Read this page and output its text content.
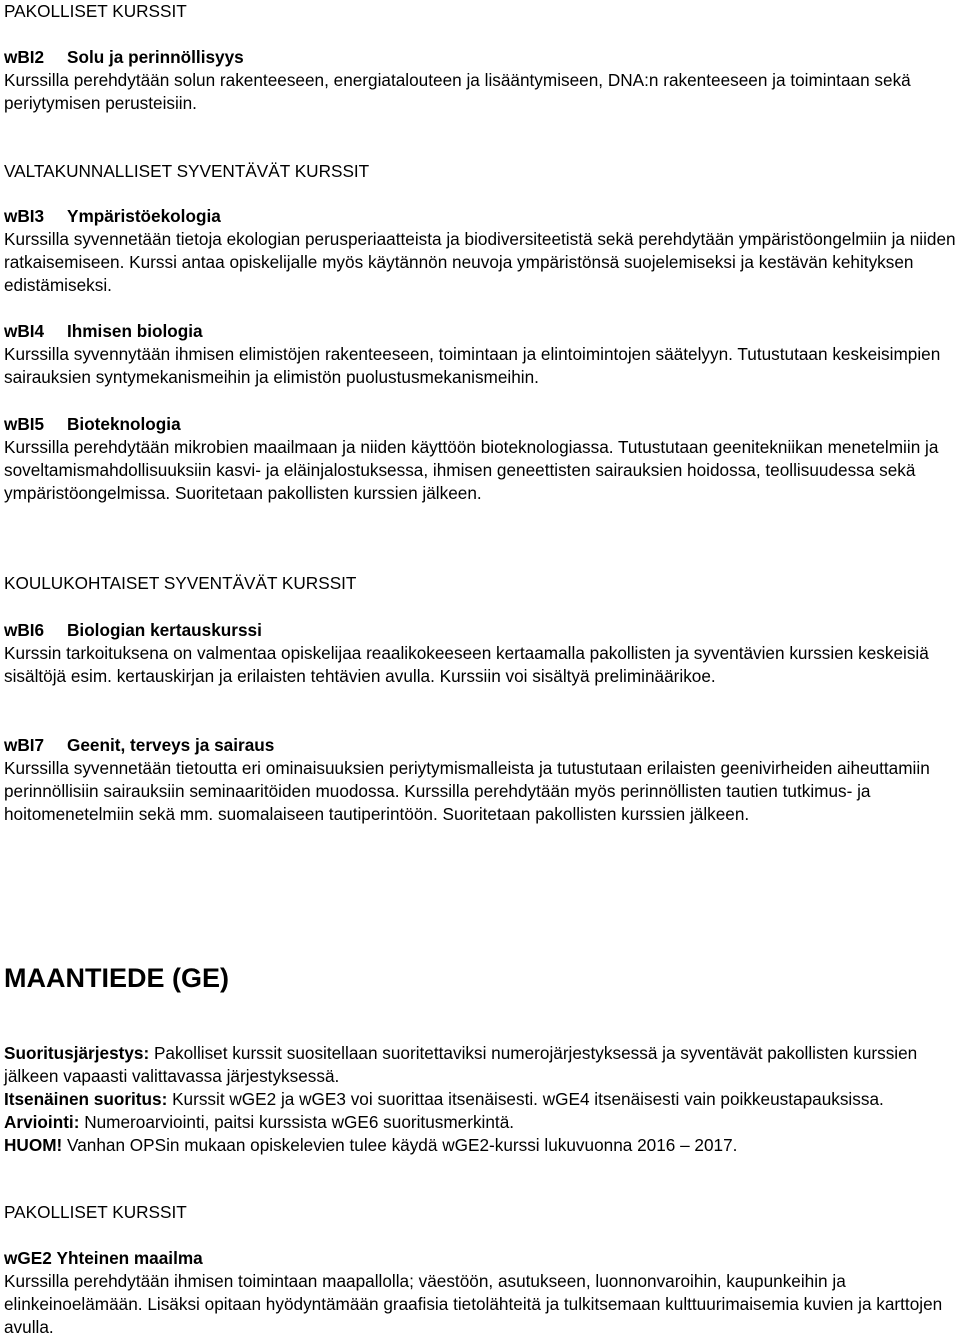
PAKOLLISET KURSSIT
wBI2 Solu ja perinnöllisyys

Kurssilla perehdytään solun rakenteeseen, energiatalouteen ja lisääntymiseen, DNA:n rakenteeseen ja toimintaan sekä periytymisen perusteisiin.

VALTAKUNNALLISET SYVENTÄVÄT KURSSIT
wBI3 Ympäristöekologia

Kurssilla syvennetään tietoja ekologian perusperiaatteista ja biodiversiteetistä sekä perehdytään ympäristöongelmiin ja niiden ratkaisemiseen. Kurssi antaa opiskelijalle myös käytännön neuvoja ympäristönsä suojelemiseksi ja kestävän kehityksen edistämiseksi.

wBI4 Ihmisen biologia

Kurssilla syvennytään ihmisen elimistöjen rakenteeseen, toimintaan ja elintoimintojen säätelyyn. Tutustutaan keskeisimpien sairauksien syntymekanismeihin ja elimistön puolustusmekanismeihin.

wBI5 Bioteknologia

Kurssilla perehdytään mikrobien maailmaan ja niiden käyttöön bioteknologiassa. Tutustutaan geenitekniikan menetelmiin ja soveltamismahdollisuuksiin kasvi- ja eläinjalostuksessa, ihmisen geneettisten sairauksien hoidossa, teollisuudessa sekä ympäristöongelmissa. Suoritetaan pakollisten kurssien jälkeen.

KOULUKOHTAISET SYVENTÄVÄT KURSSIT
wBI6 Biologian kertauskurssi

Kurssin tarkoituksena on valmentaa opiskelijaa reaalikokeeseen kertaamalla pakollisten ja syventävien kurssien keskeisiä sisältöjä esim. kertauskirjan ja erilaisten tehtävien avulla. Kurssiin voi sisältyä preliminäärikoe.

wBI7 Geenit, terveys ja sairaus

Kurssilla syvennetään tietoutta eri ominaisuuksien periytymismalleista ja tutustutaan erilaisten geenivirheiden aiheuttamiin perinnöllisiin sairauksiin seminaaritöiden muodossa. Kurssilla perehdytään myös perinnöllisten tautien tutkimus- ja hoitomenetelmiin sekä mm. suomalaiseen tautiperintöön. Suoritetaan pakollisten kurssien jälkeen.

MAANTIEDE (GE)

Suoritusjärjestys: Pakolliset kurssit suositellaan suoritettaviksi numerojärjestyksessä ja syventävät pakollisten kurssien jälkeen vapaasti valittavassa järjestyksessä.

Itsenäinen suoritus: Kurssit wGE2 ja wGE3 voi suorittaa itsenäisesti. wGE4 itsenäisesti vain poikkeustapauksissa.

Arviointi: Numeroarviointi, paitsi kurssista wGE6 suoritusmerkintä.

HUOM! Vanhan OPSin mukaan opiskelevien tulee käydä wGE2-kurssi lukuvuonna 2016 – 2017.

PAKOLLISET KURSSIT
wGE2 Yhteinen maailma

Kurssilla perehdytään ihmisen toimintaan maapallolla; väestöön, asutukseen, luonnonvaroihin, kaupunkeihin ja elinkeinoelämään. Lisäksi opitaan hyödyntämään graafisia tietolähteitä ja tulkitsemaan kulttuurimaisemia kuvien ja karttojen avulla.
